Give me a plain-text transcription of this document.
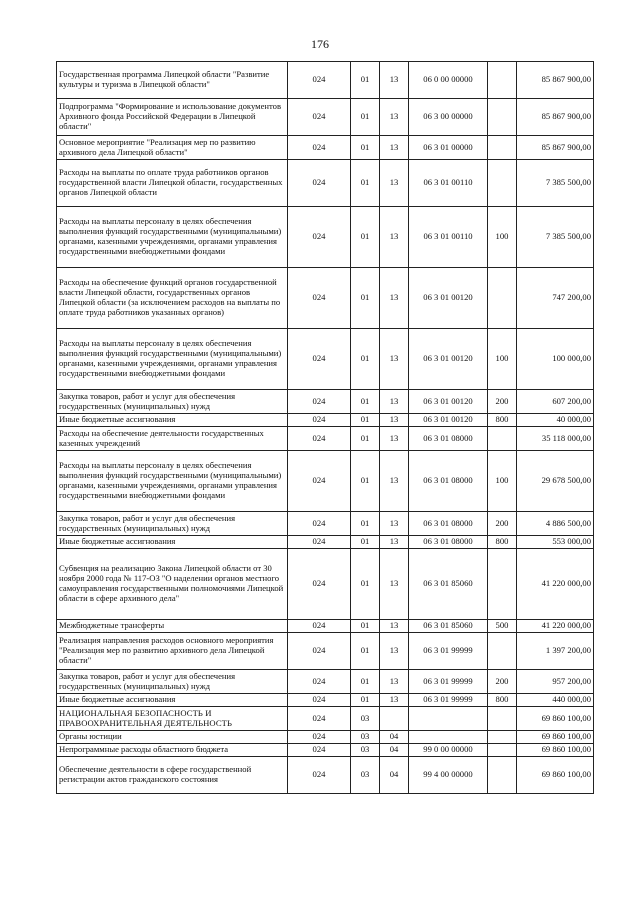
176
Государственная программа Липецкой области "Развитие культуры и туризма в Липецкой области"	024	01	13	06 0 00 00000		85 867 900,00
Подпрограмма "Формирование и использование документов Архивного фонда Российской Федерации в Липецкой области"	024	01	13	06 3 00 00000		85 867 900,00
Основное мероприятие "Реализация мер по развитию архивного дела Липецкой области"	024	01	13	06 3 01 00000		85 867 900,00
Расходы на выплаты по оплате труда работников органов государственной власти Липецкой области, государственных органов Липецкой области	024	01	13	06 3 01 00110		7 385 500,00
Расходы на выплаты персоналу в целях обеспечения выполнения функций государственными (муниципальными) органами, казенными учреждениями, органами управления государственными внебюджетными фондами	024	01	13	06 3 01 00110	100	7 385 500,00
Расходы на обеспечение функций органов государственной власти Липецкой области, государственных органов Липецкой области (за исключением расходов на выплаты по оплате труда работников указанных органов)	024	01	13	06 3 01 00120		747 200,00
Расходы на выплаты персоналу в целях обеспечения выполнения функций государственными (муниципальными) органами, казенными учреждениями, органами управления государственными внебюджетными фондами	024	01	13	06 3 01 00120	100	100 000,00
Закупка товаров, работ и услуг для обеспечения государственных (муниципальных) нужд	024	01	13	06 3 01 00120	200	607 200,00
Иные бюджетные ассигнования	024	01	13	06 3 01 00120	800	40 000,00
Расходы на обеспечение деятельности государственных казенных учреждений	024	01	13	06 3 01 08000		35 118 000,00
Расходы на выплаты персоналу в целях обеспечения выполнения функций государственными (муниципальными) органами, казенными учреждениями, органами управления государственными внебюджетными фондами	024	01	13	06 3 01 08000	100	29 678 500,00
Закупка товаров, работ и услуг для обеспечения государственных (муниципальных) нужд	024	01	13	06 3 01 08000	200	4 886 500,00
Иные бюджетные ассигнования	024	01	13	06 3 01 08000	800	553 000,00
Субвенция на реализацию Закона Липецкой области от 30 ноября 2000 года № 117-ОЗ "О наделении органов местного самоуправления государственными полномочиями Липецкой области в сфере архивного дела"	024	01	13	06 3 01 85060		41 220 000,00
Межбюджетные трансферты	024	01	13	06 3 01 85060	500	41 220 000,00
Реализация направления расходов основного мероприятия "Реализация мер по развитию архивного дела Липецкой области"	024	01	13	06 3 01 99999		1 397 200,00
Закупка товаров, работ и услуг для обеспечения государственных (муниципальных) нужд	024	01	13	06 3 01 99999	200	957 200,00
Иные бюджетные ассигнования	024	01	13	06 3 01 99999	800	440 000,00
НАЦИОНАЛЬНАЯ БЕЗОПАСНОСТЬ И ПРАВООХРАНИТЕЛЬНАЯ ДЕЯТЕЛЬНОСТЬ	024	03				69 860 100,00
Органы юстиции	024	03	04			69 860 100,00
Непрограммные расходы областного бюджета	024	03	04	99 0 00 00000		69 860 100,00
Обеспечение деятельности в сфере государственной регистрации актов гражданского состояния	024	03	04	99 4 00 00000		69 860 100,00
